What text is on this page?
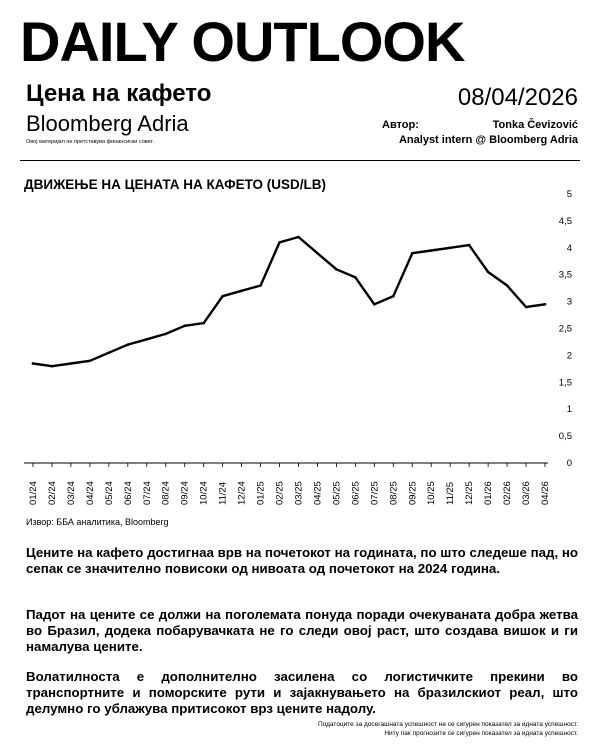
DAILY OUTLOOK
Цена на кафето	08/04/2026
Bloomberg Adria
Овој материјал не претставува финансиски совет.
Автор:	Tonka Čevizović
Analyst intern @ Bloomberg Adria
ДВИЖЕЊЕ НА ЦЕНАТА НА КАФЕТО (USD/LB)
0
0,5
1
1,5
2
2,5
3
3,5
4
4,5
5
01/24 02/24 03/24 04/24 05/24 06/24 07/24 08/24 09/24 10/24 11/24 12/24 01/25 02/25 03/25 04/25 05/25 06/25 07/25 08/25 09/25 10/25 11/25 12/25 01/26 02/26 03/26 04/26
Извор: ББА аналитика, Bloomberg
Цените на кафето достигнаа врв на почетокот на годината, по што следеше пад, но сепак се значително повисоки од нивоата од почетокот на 2024 година.
Падот на цените се должи на поголемата понуда поради очекуваната добра жетва во Бразил, додека побарувачката не го следи овој раст, што создава вишок и ги намалува цените.
Волатилноста е дополнително засилена со логистичките прекини во транспортните и поморските рути и зајакнувањето на бразилскиот реал, што делумно го ублажува притисокот врз цените надолу.
Податоците за досегашната успешност не се сигурен показател за идната успешност.
Ниту пак прогнозите се сигурен показател за идната успешност.
